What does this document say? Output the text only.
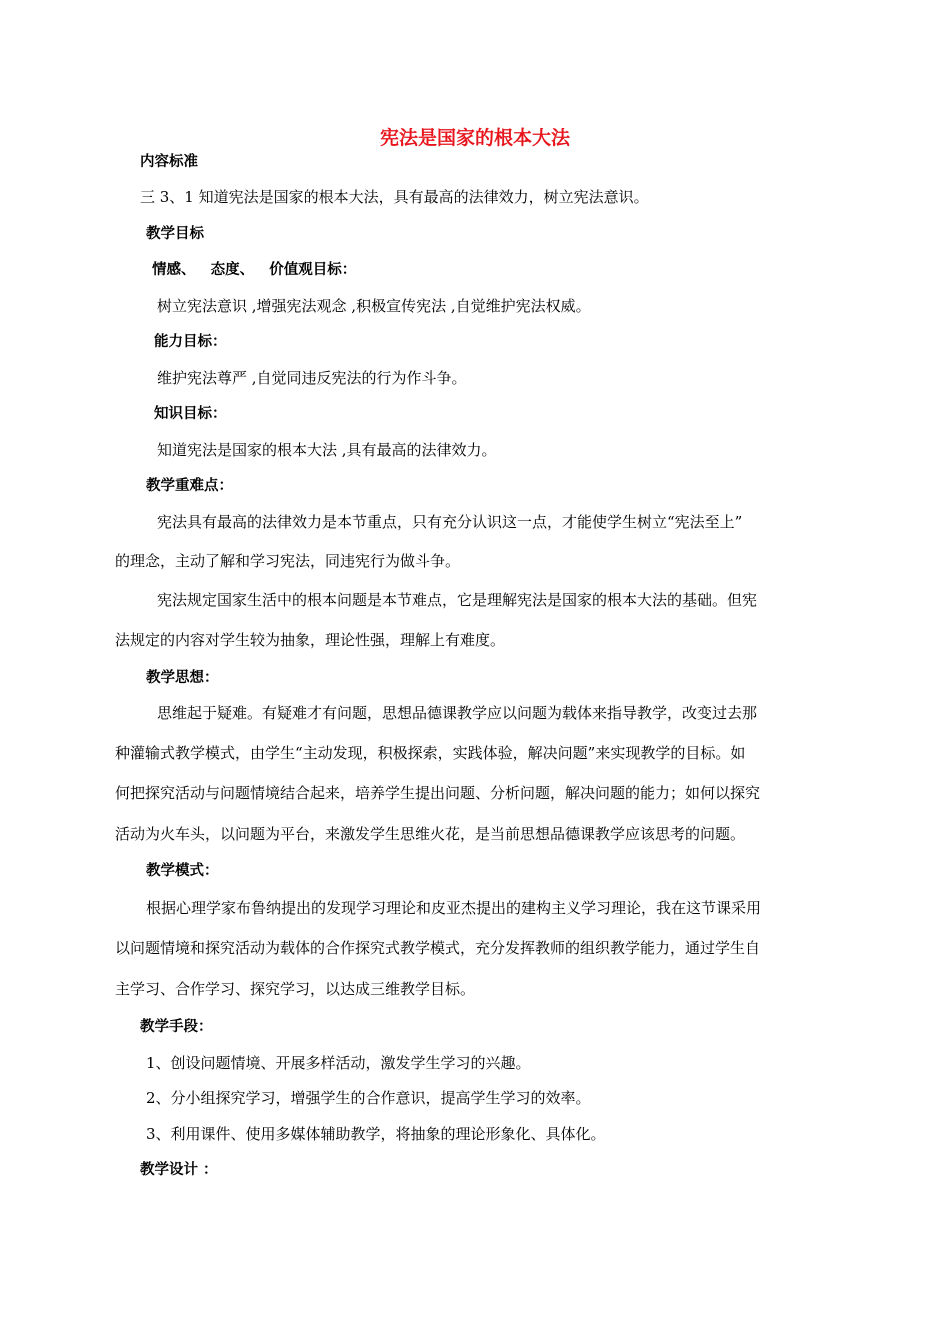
宪法是国家的根本大法
内容标准
三 3、1 知道宪法是国家的根本大法，具有最高的法律效力，树立宪法意识。
教学目标
情感、   态度、   价值观目标：
树立宪法意识 ,增强宪法观念 ,积极宣传宪法 ,自觉维护宪法权威。
能力目标：
维护宪法尊严 ,自觉同违反宪法的行为作斗争。
知识目标：
知道宪法是国家的根本大法 ,具有最高的法律效力。
教学重难点：
宪法具有最高的法律效力是本节重点，只有充分认识这一点，才能使学生树立“宪法至上”
的理念，主动了解和学习宪法，同违宪行为做斗争。
宪法规定国家生活中的根本问题是本节难点，它是理解宪法是国家的根本大法的基础。但宪
法规定的内容对学生较为抽象，理论性强，理解上有难度。
教学思想：
思维起于疑难。有疑难才有问题，思想品德课教学应以问题为载体来指导教学，改变过去那
种灌输式教学模式，由学生“主动发现，积极探索，实践体验，解决问题”来实现教学的目标。如
何把探究活动与问题情境结合起来，培养学生提出问题、分析问题，解决问题的能力；如何以探究
活动为火车头，以问题为平台，来激发学生思维火花，是当前思想品德课教学应该思考的问题。
教学模式：
根据心理学家布鲁纳提出的发现学习理论和皮亚杰提出的建构主义学习理论，我在这节课采用
以问题情境和探究活动为载体的合作探究式教学模式，充分发挥教师的组织教学能力，通过学生自
主学习、合作学习、探究学习，以达成三维教学目标。
教学手段：
1、创设问题情境、开展多样活动，激发学生学习的兴趣。
2、分小组探究学习，增强学生的合作意识，提高学生学习的效率。
3、利用课件、使用多媒体辅助教学，将抽象的理论形象化、具体化。
教学设计 ：
